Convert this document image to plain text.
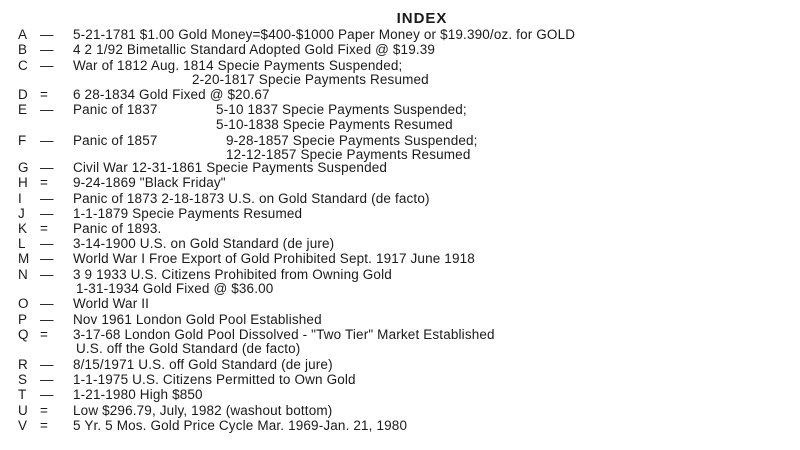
INDEX
A — 5-21-1781 $1.00 Gold Money=$400-$1000 Paper Money or $19.390/oz. for GOLD
B — 4 2 1/92 Bimetallic Standard Adopted Gold Fixed @ $19.39
C — War of 1812 Aug. 1814 Specie Payments Suspended;
2-20-1817 Specie Payments Resumed
D = 6 28-1834 Gold Fixed @ $20.67
E — Panic of 1837	5-10 1837 Specie Payments Suspended;
5-10-1838 Specie Payments Resumed
F	— Panic of 1857	9-28-1857 Specie Payments Suspended;
12-12-1857 Specie Payments Resumed
G — Civil War 12-31-1861 Specie Payments Suspended
H = 9-24-1869 "Black Friday"
I	— Panic of 1873 2-18-1873 U.S. on Gold Standard (de facto)
J	— 1-1-1879 Specie Payments Resumed
K = Panic of 1893.
L	— 3-14-1900 U.S. on Gold Standard (de jure)
M — World War I Froe Export of Gold Prohibited Sept. 1917 June 1918
N — 3 9 1933 U.S. Citizens Prohibited from Owning Gold
1-31-1934 Gold Fixed @ $36.00
O — World War II
P — Nov 1961 London Gold Pool Established
Q = 3-17-68 London Gold Pool Dissolved - "Two Tier" Market Established
U.S. off the Gold Standard (de facto)
R — 8/15/1971 U.S. off Gold Standard (de jure)
S — 1-1-1975 U.S. Citizens Permitted to Own Gold
T	— 1-21-1980 High $850
U = Low $296.79, July, 1982 (washout bottom)
V = 5 Yr. 5 Mos. Gold Price Cycle Mar. 1969-Jan. 21, 1980
